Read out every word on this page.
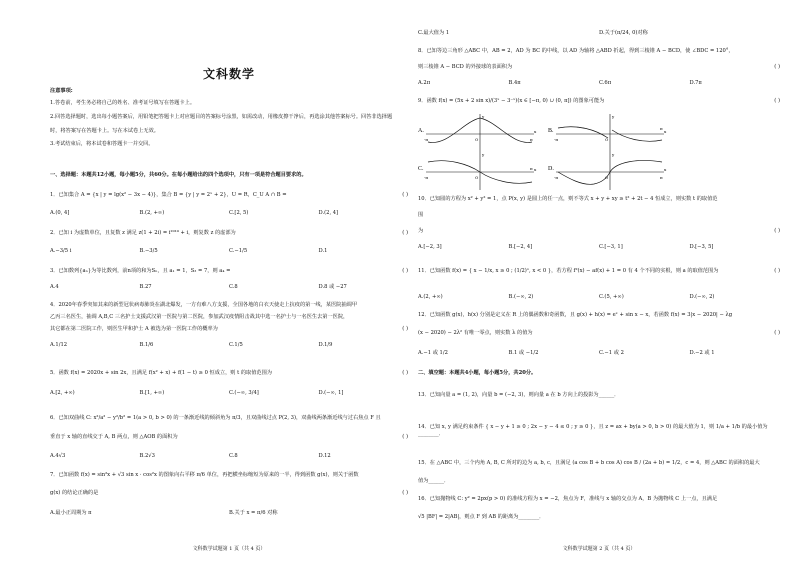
文科数学
注意事项:
1.答卷前，考生务必将自己的姓名、准考证号填写在答题卡上。
2.回答选择题时，选出每小题答案后，用铅笔把答题卡上对应题目的答案标号涂黑，如需改动，用橡皮擦干净后，再选涂其他答案标号。回答非选择题
时，将答案写在答题卡上。写在本试卷上无效。
3.考试结束后，将本试卷和答题卡一并交回。
一、选择题：本题共12小题，每小题5分，共60分。在每小题给出的四个选项中，只有一项是符合题目要求的。
1．已知集合 A = {x | y = lg(x² − 3x − 4)}，集合 B = {y | y = 2ˣ + 2}，U = R，C_U A ∩ B =	( )
A.(0, 4]	B.(2, +∞)	C.[2, 5)	D.(2, 4]
2．已知 i 为虚数单位，且复数 z 满足 z(1 + 2i) = i²⁰¹⁹ + i，则复数 z 的虚部为	( )
A.−3/5 i	B.−3/5	C.−1/5	D.1
3．已知数列{aₙ}为等比数列，前n项的和为Sₙ，且 a₁ = 1，S₃ = 7，则 a₄ =	( )
A.4	B.27	C.8	D.8 或 −27
4．2020年春季突如其来的新型冠状病毒肺炎在湖北爆发，一方有难八方支援，全国各地的白衣天使走上抗疫的第一线，某医院抽调甲
乙丙三名医生，抽调 A,B,C 三名护士支援武汉第一医院与第二医院，参加武汉疫情阻击战其中选一名护士与一名医生去第一医院，
其它都在第二医院工作，则医生甲和护士 A 被选为第一医院工作的概率为	( )
A.1/12	B.1/6	C.1/5	D.1/9
5．函数 f(x) = 2020x + sin 2x，且满足 f(x² + x) + f(1 − t) ≥ 0 恒成立，则 t 的取值范围为	( )
A.[2, +∞)	B.[1, +∞)	C.(−∞, 3/4]	D.(−∞, 1]
6．已知双曲线 C: x²/a² − y²/b² = 1(a > 0, b > 0) 的一条渐近线的倾斜角为 π/3，且双曲线过点 P(2, 3)，双曲线两条渐近线与过右焦点 F 且
垂直于 x 轴的直线交于 A, B 两点，则 △AOB 的面积为	( )
A.4√3	B.2√3	C.8	D.12
7．已知函数 f(x) = sin²x + √3 sin x · cos²x 的图象向右平移 π/6 单位，再把横坐标缩短为原来的一半，得到函数 g(x)，则关于函数
g(x) 的结论正确的是	( )
A.最小正周期为 π	B.关于 x = π/6 对称
文科数学试题第 1 页（共 4 页）
C.最大值为 1	D.关于(π/24, 0)对称
8．已知等边三角形 △ABC 中，AB = 2，AD 为 BC 的中线，以 AD 为轴将 △ABD 折起，得到三棱锥 A − BCD，使 ∠BDC = 120°，
则三棱锥 A − BCD 的外接球的表面积为	( )
A.2π	B.4π	C.6π	D.7π
9．函数 f(x) = (5x + 2 sin x)/(3ˣ − 3⁻ˣ)(x ∈ [−π, 0) ∪ (0, π]) 的图象可能为	( )
A.
-π	π
O
y
x B.
-π
π
O
y
x
C.
-π
π
O
y
x D.
-π	π
O
y
x
10．已知圆的方程为 x² + y² = 1，点 P(x, y) 是圆上的任一点，则不等式 x + y + xy ≥ t² + 2t − 4 恒成立，则实数 t 的取值范
围
为	( )
A.[−2, 3]	B.[−2, 4]	C.[−3, 1]	D.[−3, 5]
11．已知函数 f(x) = { x − 1/x, x ≥ 0 ; (1/2)ˣ, x < 0 }，若方程 f²(x) − af(x) + 1 = 0 有 4 个不同的实根，则 a 的取值范围为	( )
A.(2, +∞)	B.(−∞, 2)	C.(5, +∞)	D.(−∞, 2)
12．已知函数 g(x)，h(x) 分别是定义在 R 上的偶函数和奇函数，且 g(x) + h(x) = eˣ + sin x − x，若函数 f(x) = 3|x − 2020| − λg
(x − 2020) − 2λ² 有唯一零点，则实数 λ 的值为	( )
A.−1 或 1/2	B.1 或 −1/2	C.−1 或 2	D.−2 或 1
二、填空题：本题共4小题，每小题5分，共20分。
13．已知向量 a = (1, 2)，向量 b = (−2, 3)，则向量 a 在 b 方向上的投影为______．
14．已知 x, y 满足约束条件 { x − y + 1 ≥ 0 ; 2x − y − 4 ≤ 0 ; y ≥ 0 }，且 z = ax + by(a > 0, b > 0) 的最大值为 1，则 1/a + 1/b 的最小值为________．
15．在 △ABC 中，三个内角 A, B, C 所对的边为 a, b, c，且满足 (a cos B + b cos A) cos B / (2a + b) = 1/2，c = 4，则 △ABC 的面积的最大
值为______．
16．已知抛物线 C: y² = 2px(p > 0) 的准线方程为 x = −2，焦点为 F，准线与 x 轴的交点为 A，B 为抛物线 C 上一点，且满足
√5 |BF| = 2|AB|，则点 F 到 AB 的距离为________．
文科数学试题第 2 页（共 4 页）
